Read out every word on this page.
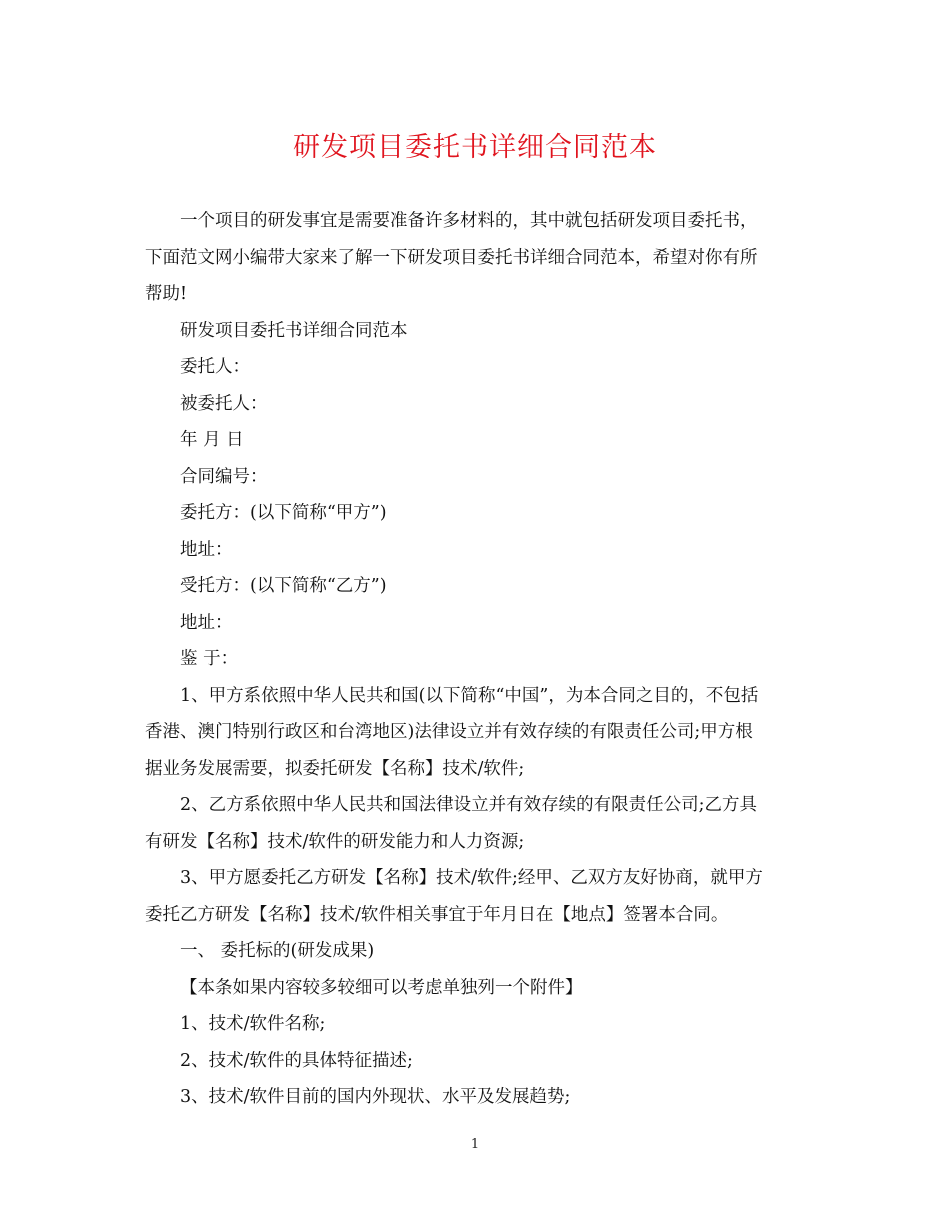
研发项目委托书详细合同范本

一个项目的研发事宜是需要准备许多材料的，其中就包括研发项目委托书，

下面范文网小编带大家来了解一下研发项目委托书详细合同范本，希望对你有所

帮助!

研发项目委托书详细合同范本

委托人：

被委托人：

年 月 日

合同编号：

委托方：(以下简称“甲方”)

地址：

受托方：(以下简称“乙方”)

地址：

鉴 于：

1、甲方系依照中华人民共和国(以下简称“中国”，为本合同之目的，不包括

香港、澳门特别行政区和台湾地区)法律设立并有效存续的有限责任公司;甲方根

据业务发展需要，拟委托研发【名称】技术/软件;

2、乙方系依照中华人民共和国法律设立并有效存续的有限责任公司;乙方具

有研发【名称】技术/软件的研发能力和人力资源;

3、甲方愿委托乙方研发【名称】技术/软件;经甲、乙双方友好协商，就甲方

委托乙方研发【名称】技术/软件相关事宜于年月日在【地点】签署本合同。

一、 委托标的(研发成果)

【本条如果内容较多较细可以考虑单独列一个附件】

1、技术/软件名称;

2、技术/软件的具体特征描述;

3、技术/软件目前的国内外现状、水平及发展趋势;

1
